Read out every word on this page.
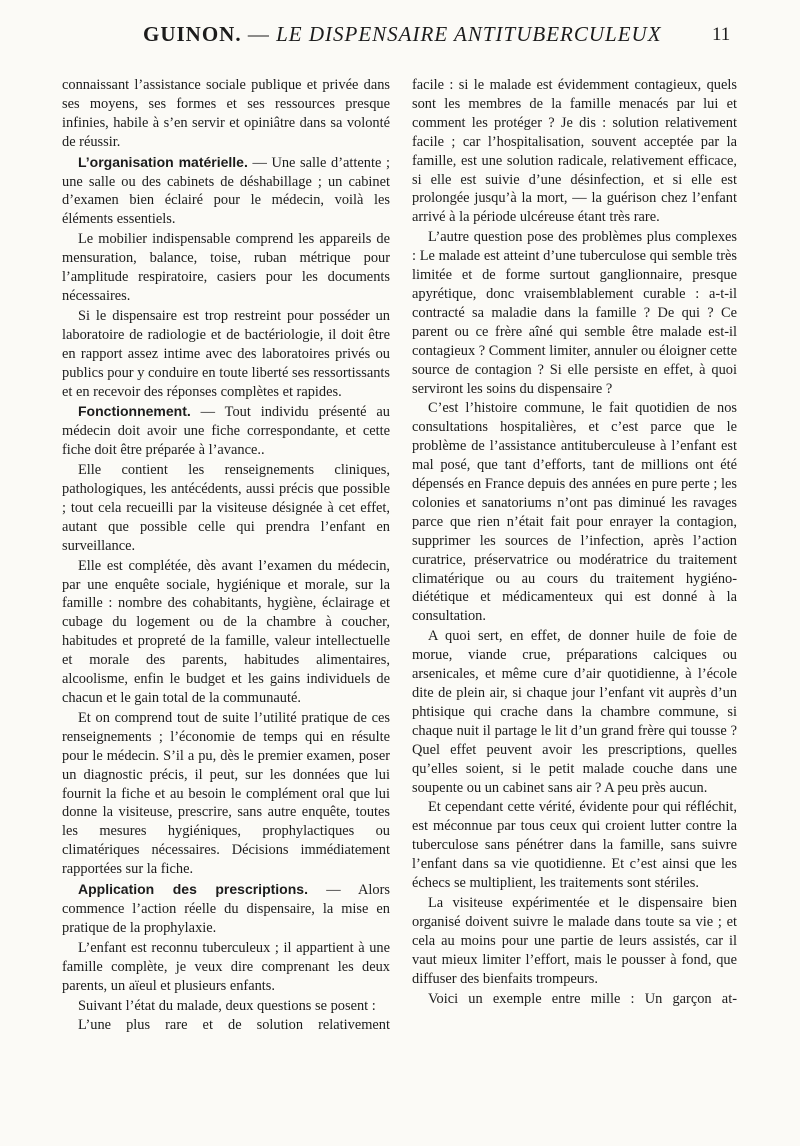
GUINON. — LE DISPENSAIRE ANTITUBERCULEUX	11

connaissant l’assistance sociale publique et privée dans ses moyens, ses formes et ses ressources presque infinies, habile à s’en servir et opiniâtre dans sa volonté de réussir.

L’organisation matérielle. — Une salle d’attente ; une salle ou des cabinets de déshabillage ; un cabinet d’examen bien éclairé pour le médecin, voilà les éléments essentiels.

Le mobilier indispensable comprend les appareils de mensuration, balance, toise, ruban métrique pour l’amplitude respiratoire, casiers pour les documents nécessaires.

Si le dispensaire est trop restreint pour posséder un laboratoire de radiologie et de bactériologie, il doit être en rapport assez intime avec des laboratoires privés ou publics pour y conduire en toute liberté ses ressortissants et en recevoir des réponses complètes et rapides.

Fonctionnement. — Tout individu présenté au médecin doit avoir une fiche correspondante, et cette fiche doit être préparée à l’avance..

Elle contient les renseignements cliniques, pathologiques, les antécédents, aussi précis que possible ; tout cela recueilli par la visiteuse désignée à cet effet, autant que possible celle qui prendra l’enfant en surveillance.

Elle est complétée, dès avant l’examen du médecin, par une enquête sociale, hygiénique et morale, sur la famille : nombre des cohabitants, hygiène, éclairage et cubage du logement ou de la chambre à coucher, habitudes et propreté de la famille, valeur intellectuelle et morale des parents, habitudes alimentaires, alcoolisme, enfin le budget et les gains individuels de chacun et le gain total de la communauté.

Et on comprend tout de suite l’utilité pratique de ces renseignements ; l’économie de temps qui en résulte pour le médecin. S’il a pu, dès le premier examen, poser un diagnostic précis, il peut, sur les données que lui fournit la fiche et au besoin le complément oral que lui donne la visiteuse, prescrire, sans autre enquête, toutes les mesures hygiéniques, prophylactiques ou climatériques nécessaires. Décisions immédiatement rapportées sur la fiche.

Application des prescriptions. — Alors commence l’action réelle du dispensaire, la mise en pratique de la prophylaxie.

L’enfant est reconnu tuberculeux ; il appartient à une famille complète, je veux dire comprenant les deux parents, un aïeul et plusieurs enfants.

Suivant l’état du malade, deux questions se posent :

L’une plus rare et de solution relativement

facile : si le malade est évidemment contagieux, quels sont les membres de la famille menacés par lui et comment les protéger ? Je dis : solution relativement facile ; car l’hospitalisation, souvent acceptée par la famille, est une solution radicale, relativement efficace, si elle est suivie d’une désinfection, et si elle est prolongée jusqu’à la mort, — la guérison chez l’enfant arrivé à la période ulcéreuse étant très rare.

L’autre question pose des problèmes plus complexes : Le malade est atteint d’une tuberculose qui semble très limitée et de forme surtout ganglionnaire, presque apyrétique, donc vraisemblablement curable : a-t-il contracté sa maladie dans la famille ? De qui ? Ce parent ou ce frère aîné qui semble être malade est-il contagieux ? Comment limiter, annuler ou éloigner cette source de contagion ? Si elle persiste en effet, à quoi serviront les soins du dispensaire ?

C’est l’histoire commune, le fait quotidien de nos consultations hospitalières, et c’est parce que le problème de l’assistance antituberculeuse à l’enfant est mal posé, que tant d’efforts, tant de millions ont été dépensés en France depuis des années en pure perte ; les colonies et sanatoriums n’ont pas diminué les ravages parce que rien n’était fait pour enrayer la contagion, supprimer les sources de l’infection, après l’action curatrice, préservatrice ou modératrice du traitement climatérique ou au cours du traitement hygiéno-diététique et médicamenteux qui est donné à la consultation.

A quoi sert, en effet, de donner huile de foie de morue, viande crue, préparations calciques ou arsenicales, et même cure d’air quotidienne, à l’école dite de plein air, si chaque jour l’enfant vit auprès d’un phtisique qui crache dans la chambre commune, si chaque nuit il partage le lit d’un grand frère qui tousse ? Quel effet peuvent avoir les prescriptions, quelles qu’elles soient, si le petit malade couche dans une soupente ou un cabinet sans air ? A peu près aucun.

Et cependant cette vérité, évidente pour qui réfléchit, est méconnue par tous ceux qui croient lutter contre la tuberculose sans pénétrer dans la famille, sans suivre l’enfant dans sa vie quotidienne. Et c’est ainsi que les échecs se multiplient, les traitements sont stériles.

La visiteuse expérimentée et le dispensaire bien organisé doivent suivre le malade dans toute sa vie ; et cela au moins pour une partie de leurs assistés, car il vaut mieux limiter l’effort, mais le pousser à fond, que diffuser des bienfaits trompeurs.

Voici un exemple entre mille : Un garçon at-
